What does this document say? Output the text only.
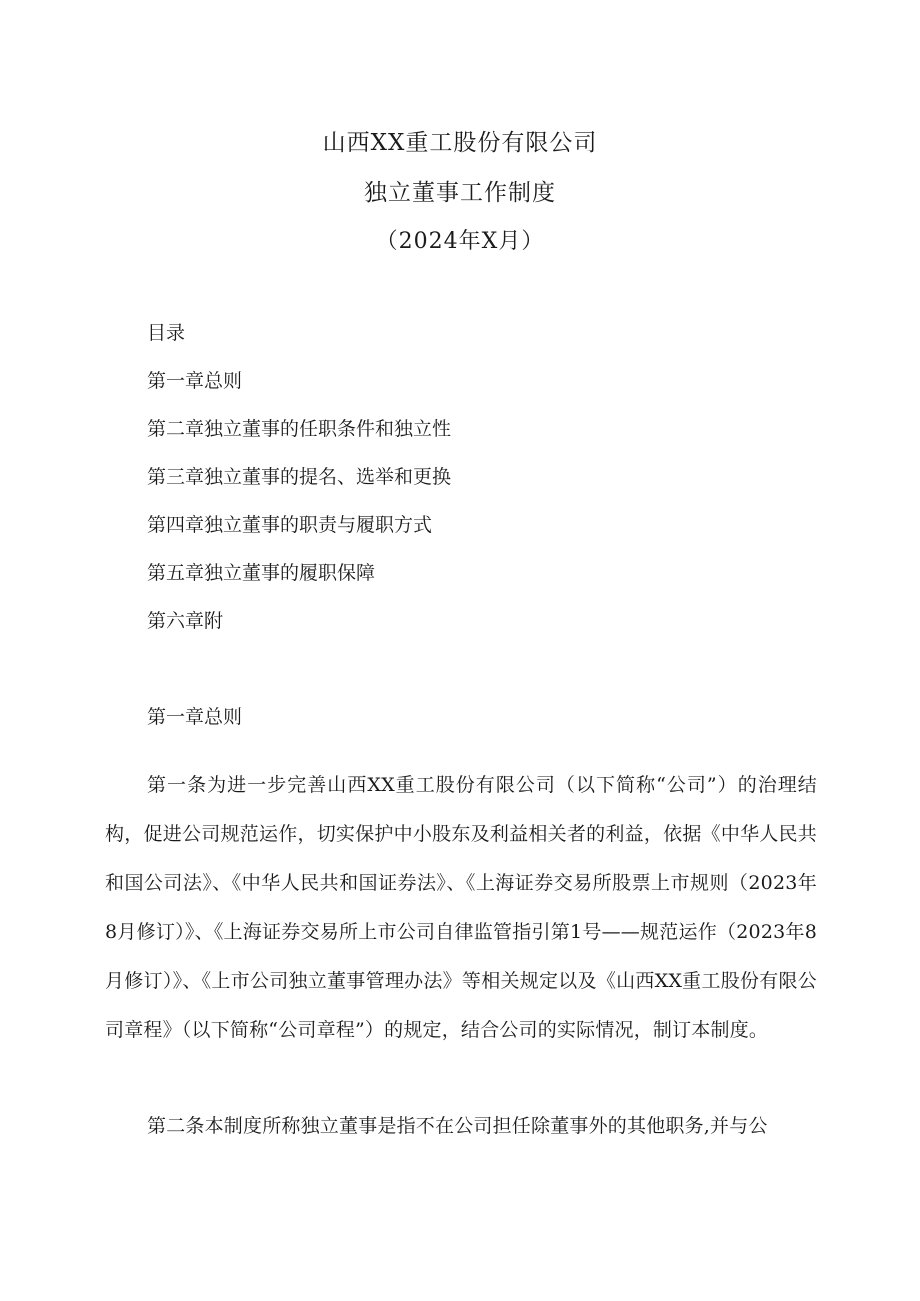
山西XX重工股份有限公司
独立董事工作制度
（2024年X月）
目录
第一章总则
第二章独立董事的任职条件和独立性
第三章独立董事的提名、选举和更换
第四章独立董事的职责与履职方式
第五章独立董事的履职保障
第六章附
第一章总则

第一条为进一步完善山西XX重工股份有限公司（以下简称“公司”）的治理结构，促进公司规范运作，切实保护中小股东及利益相关者的利益，依据《中华人民共和国公司法》、《中华人民共和国证券法》、《上海证券交易所股票上市规则（2023年8月修订）》、《上海证券交易所上市公司自律监管指引第1号——规范运作（2023年8月修订）》、《上市公司独立董事管理办法》等相关规定以及《山西XX重工股份有限公司章程》（以下简称“公司章程”）的规定，结合公司的实际情况，制订本制度。

第二条本制度所称独立董事是指不在公司担任除董事外的其他职务,并与公
